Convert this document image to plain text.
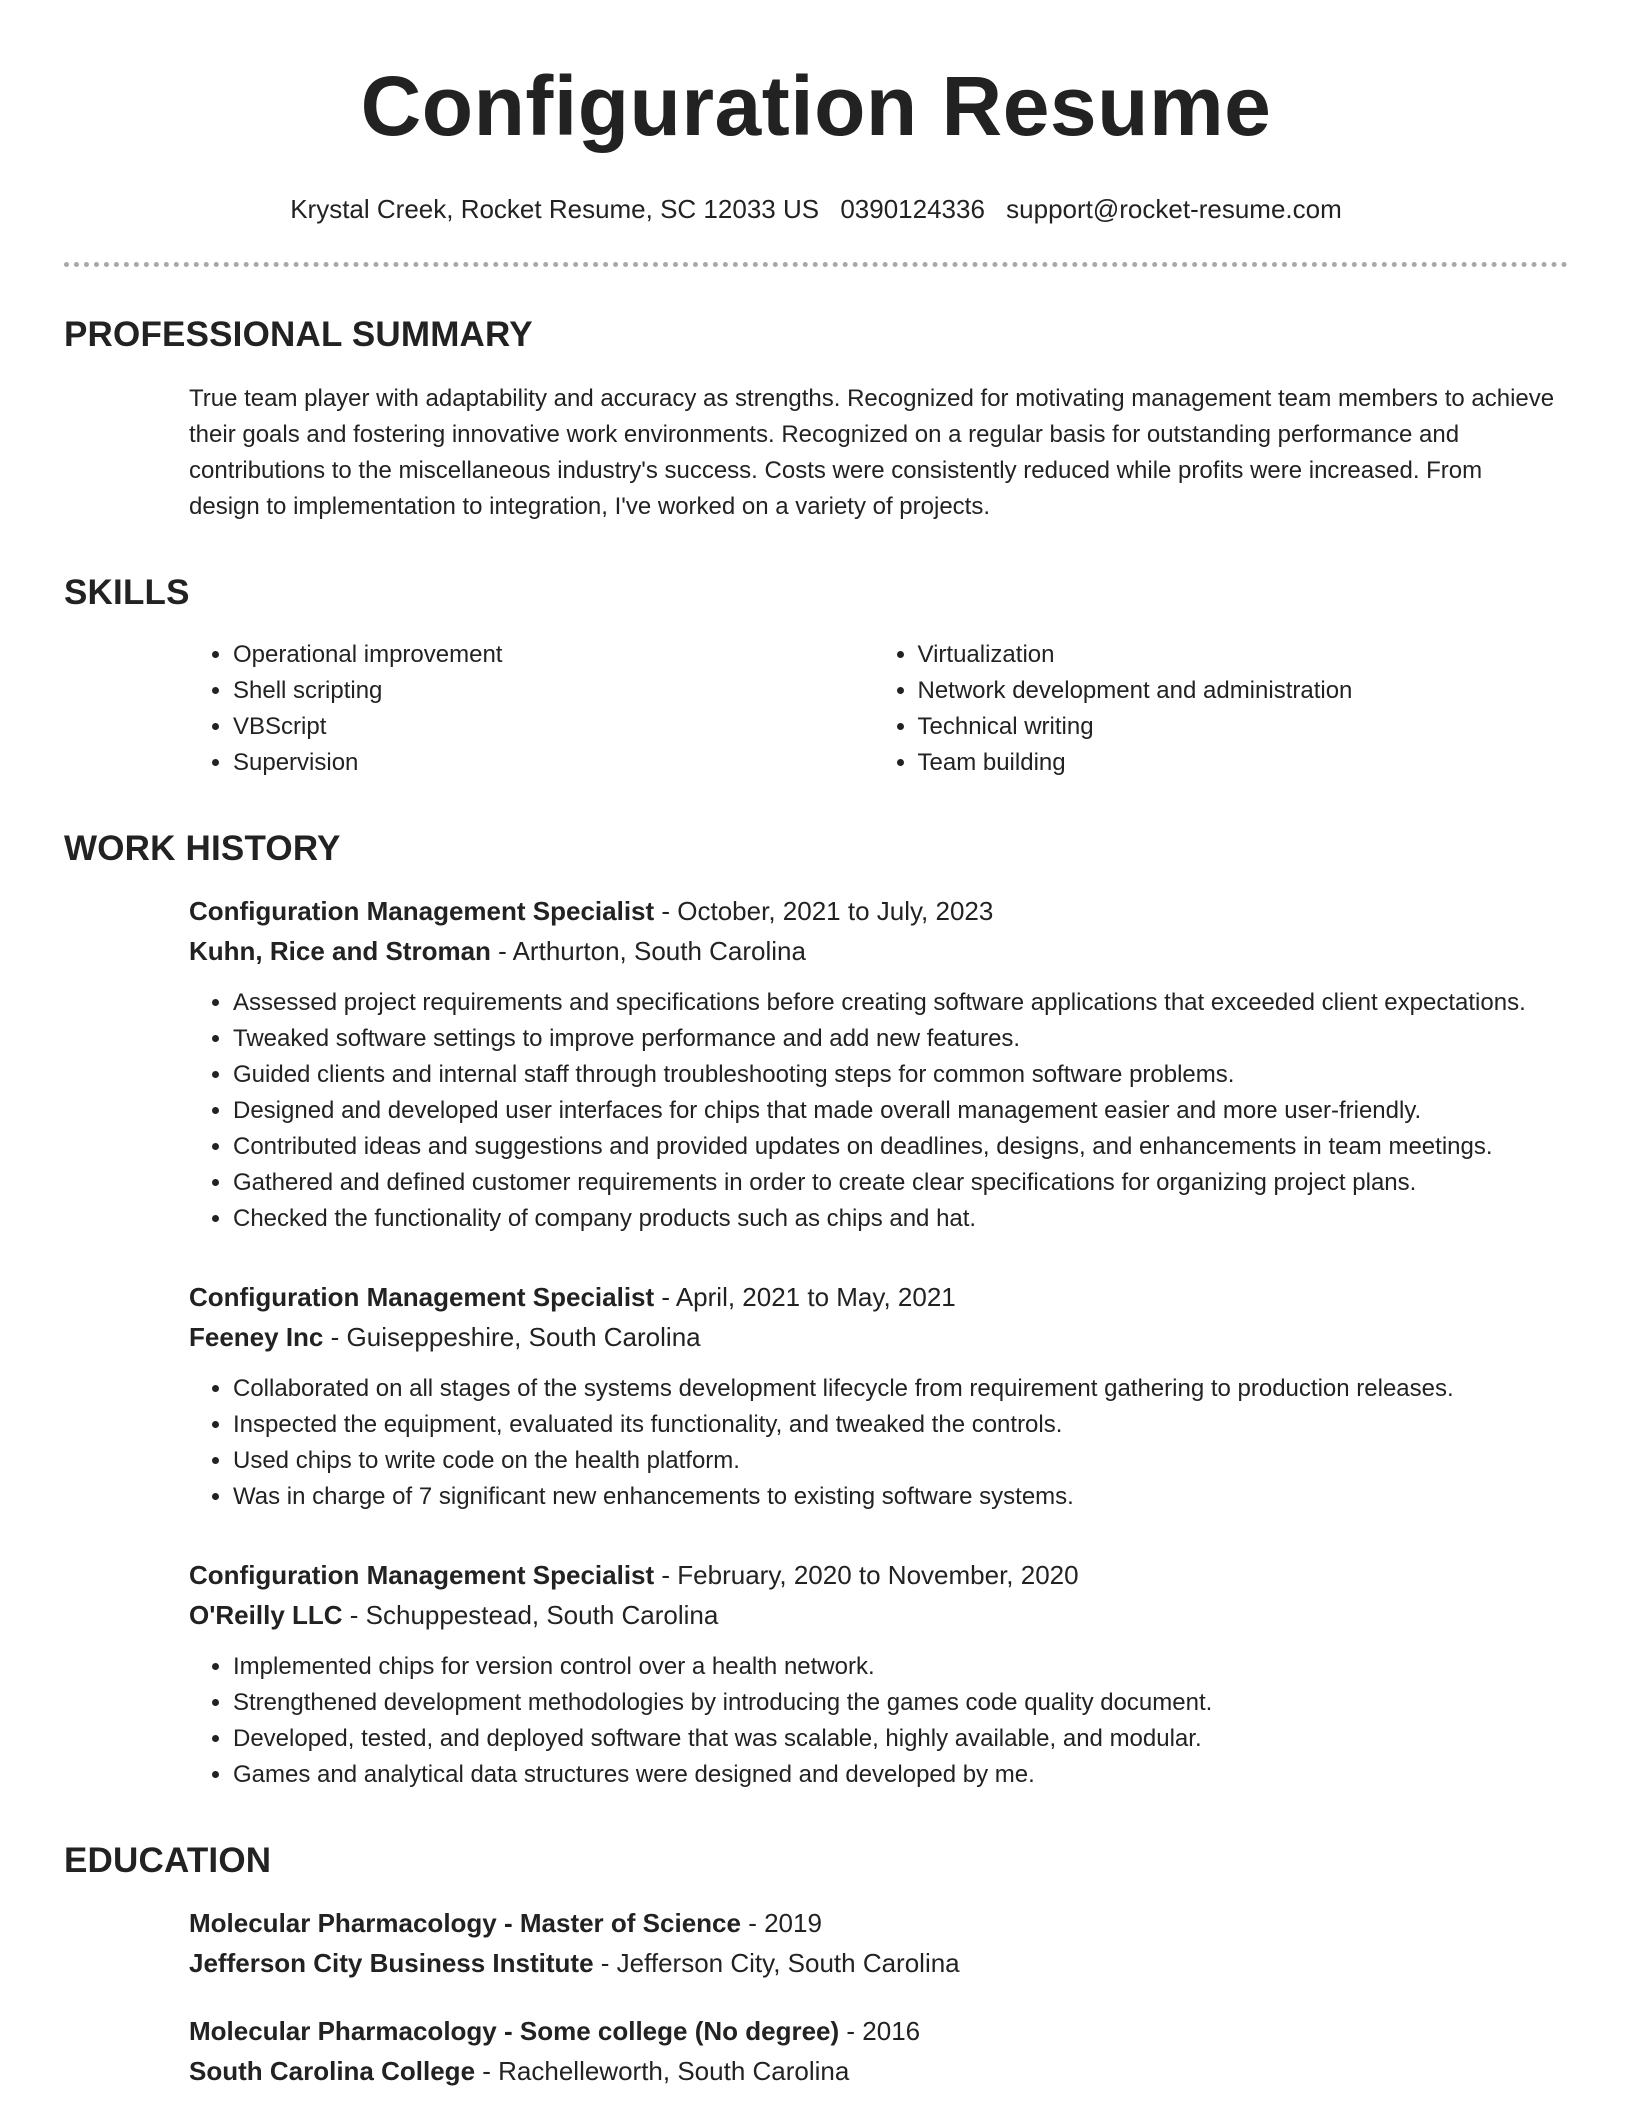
Configuration Resume
Krystal Creek, Rocket Resume, SC 12033 US 0390124336 support@rocket-resume.com
PROFESSIONAL SUMMARY

True team player with adaptability and accuracy as strengths. Recognized for motivating management team members to achieve their goals and fostering innovative work environments. Recognized on a regular basis for outstanding performance and contributions to the miscellaneous industry's success. Costs were consistently reduced while profits were increased. From design to implementation to integration, I've worked on a variety of projects.

SKILLS
• Operational improvement
• Shell scripting
• VBScript
• Supervision
• Virtualization
• Network development and administration
• Technical writing
• Team building
WORK HISTORY
Configuration Management Specialist - October, 2021 to July, 2023
Kuhn, Rice and Stroman - Arthurton, South Carolina
• Assessed project requirements and specifications before creating software applications that exceeded client expectations.
• Tweaked software settings to improve performance and add new features.
• Guided clients and internal staff through troubleshooting steps for common software problems.
• Designed and developed user interfaces for chips that made overall management easier and more user-friendly.
• Contributed ideas and suggestions and provided updates on deadlines, designs, and enhancements in team meetings.
• Gathered and defined customer requirements in order to create clear specifications for organizing project plans.
• Checked the functionality of company products such as chips and hat.
Configuration Management Specialist - April, 2021 to May, 2021
Feeney Inc - Guiseppeshire, South Carolina
• Collaborated on all stages of the systems development lifecycle from requirement gathering to production releases.
• Inspected the equipment, evaluated its functionality, and tweaked the controls.
• Used chips to write code on the health platform.
• Was in charge of 7 significant new enhancements to existing software systems.
Configuration Management Specialist - February, 2020 to November, 2020
O'Reilly LLC - Schuppestead, South Carolina
• Implemented chips for version control over a health network.
• Strengthened development methodologies by introducing the games code quality document.
• Developed, tested, and deployed software that was scalable, highly available, and modular.
• Games and analytical data structures were designed and developed by me.
EDUCATION
Molecular Pharmacology - Master of Science - 2019
Jefferson City Business Institute - Jefferson City, South Carolina
Molecular Pharmacology - Some college (No degree) - 2016
South Carolina College - Rachelleworth, South Carolina
